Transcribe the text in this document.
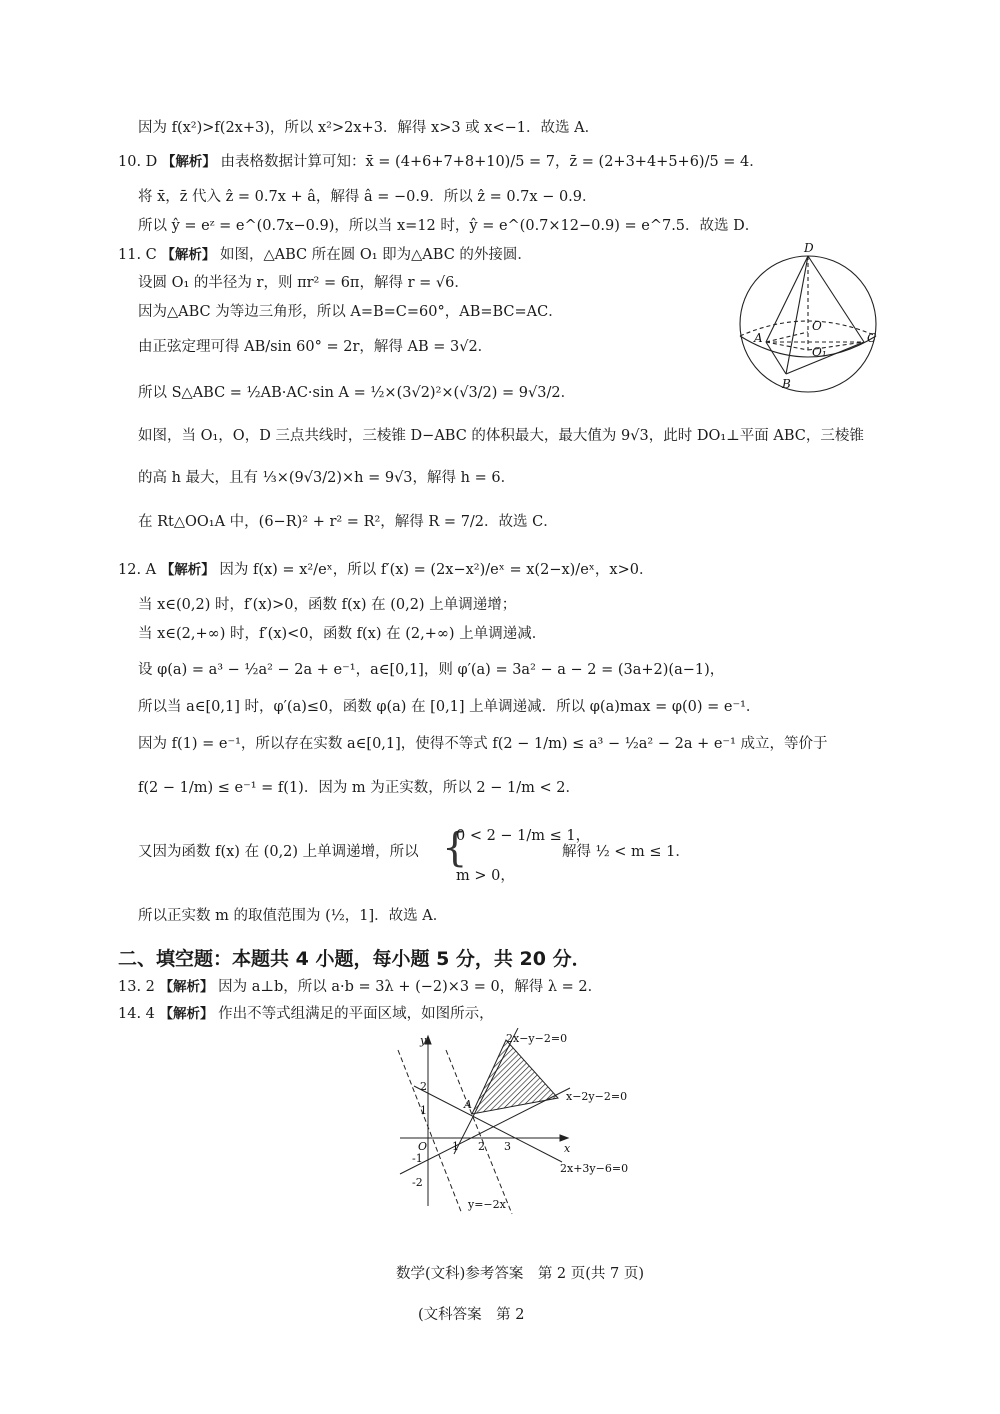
因为 f(x²)>f(2x+3)，所以 x²>2x+3．解得 x>3 或 x<−1．故选 A．
10. D 【解析】 由表格数据计算可知：x̄ = (4+6+7+8+10)/5 = 7，z̄ = (2+3+4+5+6)/5 = 4．
将 x̄，z̄ 代入 ẑ = 0.7x + â，解得 â = −0.9．所以 ẑ = 0.7x − 0.9．
所以 ŷ = eᶻ = e^(0.7x−0.9)，所以当 x=12 时，ŷ = e^(0.7×12−0.9) = e^7.5．故选 D．
11. C 【解析】 如图，△ABC 所在圆 O₁ 即为△ABC 的外接圆．
设圆 O₁ 的半径为 r，则 πr² = 6π，解得 r = √6．
因为△ABC 为等边三角形，所以 A=B=C=60°，AB=BC=AC．
由正弦定理可得 AB/sin 60° = 2r，解得 AB = 3√2．
所以 S△ABC = ½AB·AC·sin A = ½×(3√2)²×(√3/2) = 9√3/2．
如图，当 O₁，O，D 三点共线时，三棱锥 D−ABC 的体积最大，最大值为 9√3，此时 DO₁⊥平面 ABC，三棱锥
的高 h 最大，且有 ⅓×(9√3/2)×h = 9√3，解得 h = 6．
在 Rt△OO₁A 中，(6−R)² + r² = R²，解得 R = 7/2．故选 C．
12. A 【解析】 因为 f(x) = x²/eˣ，所以 f′(x) = (2x−x²)/eˣ = x(2−x)/eˣ，x>0．
当 x∈(0,2) 时，f′(x)>0，函数 f(x) 在 (0,2) 上单调递增；
当 x∈(2,+∞) 时，f′(x)<0，函数 f(x) 在 (2,+∞) 上单调递减．
设 φ(a) = a³ − ½a² − 2a + e⁻¹，a∈[0,1]，则 φ′(a) = 3a² − a − 2 = (3a+2)(a−1)，
所以当 a∈[0,1] 时，φ′(a)≤0，函数 φ(a) 在 [0,1] 上单调递减．所以 φ(a)max = φ(0) = e⁻¹．
因为 f(1) = e⁻¹，所以存在实数 a∈[0,1]，使得不等式 f(2 − 1/m) ≤ a³ − ½a² − 2a + e⁻¹ 成立，等价于
f(2 − 1/m) ≤ e⁻¹ = f(1)．因为 m 为正实数，所以 2 − 1/m < 2．
又因为函数 f(x) 在 (0,2) 上单调递增，所以 {
0 < 2 − 1/m ≤ 1，
m > 0，
解得 ½ < m ≤ 1．
所以正实数 m 的取值范围为 (½，1]．故选 A．
二、填空题：本题共 4 小题，每小题 5 分，共 20 分．
13. 2 【解析】 因为 a⊥b，所以 a·b = 3λ + (−2)×3 = 0，解得 λ = 2．
14. 4 【解析】 作出不等式组满足的平面区域，如图所示，
数学(文科)参考答案　第 2 页(共 7 页)
(文科答案　第 2
D
A
O
C
O₁
B
y
x
O
2
1
-1
-2
1 2 3
A
2x−y−2=0
x−2y−2=0
2x+3y−6=0
y=−2x
